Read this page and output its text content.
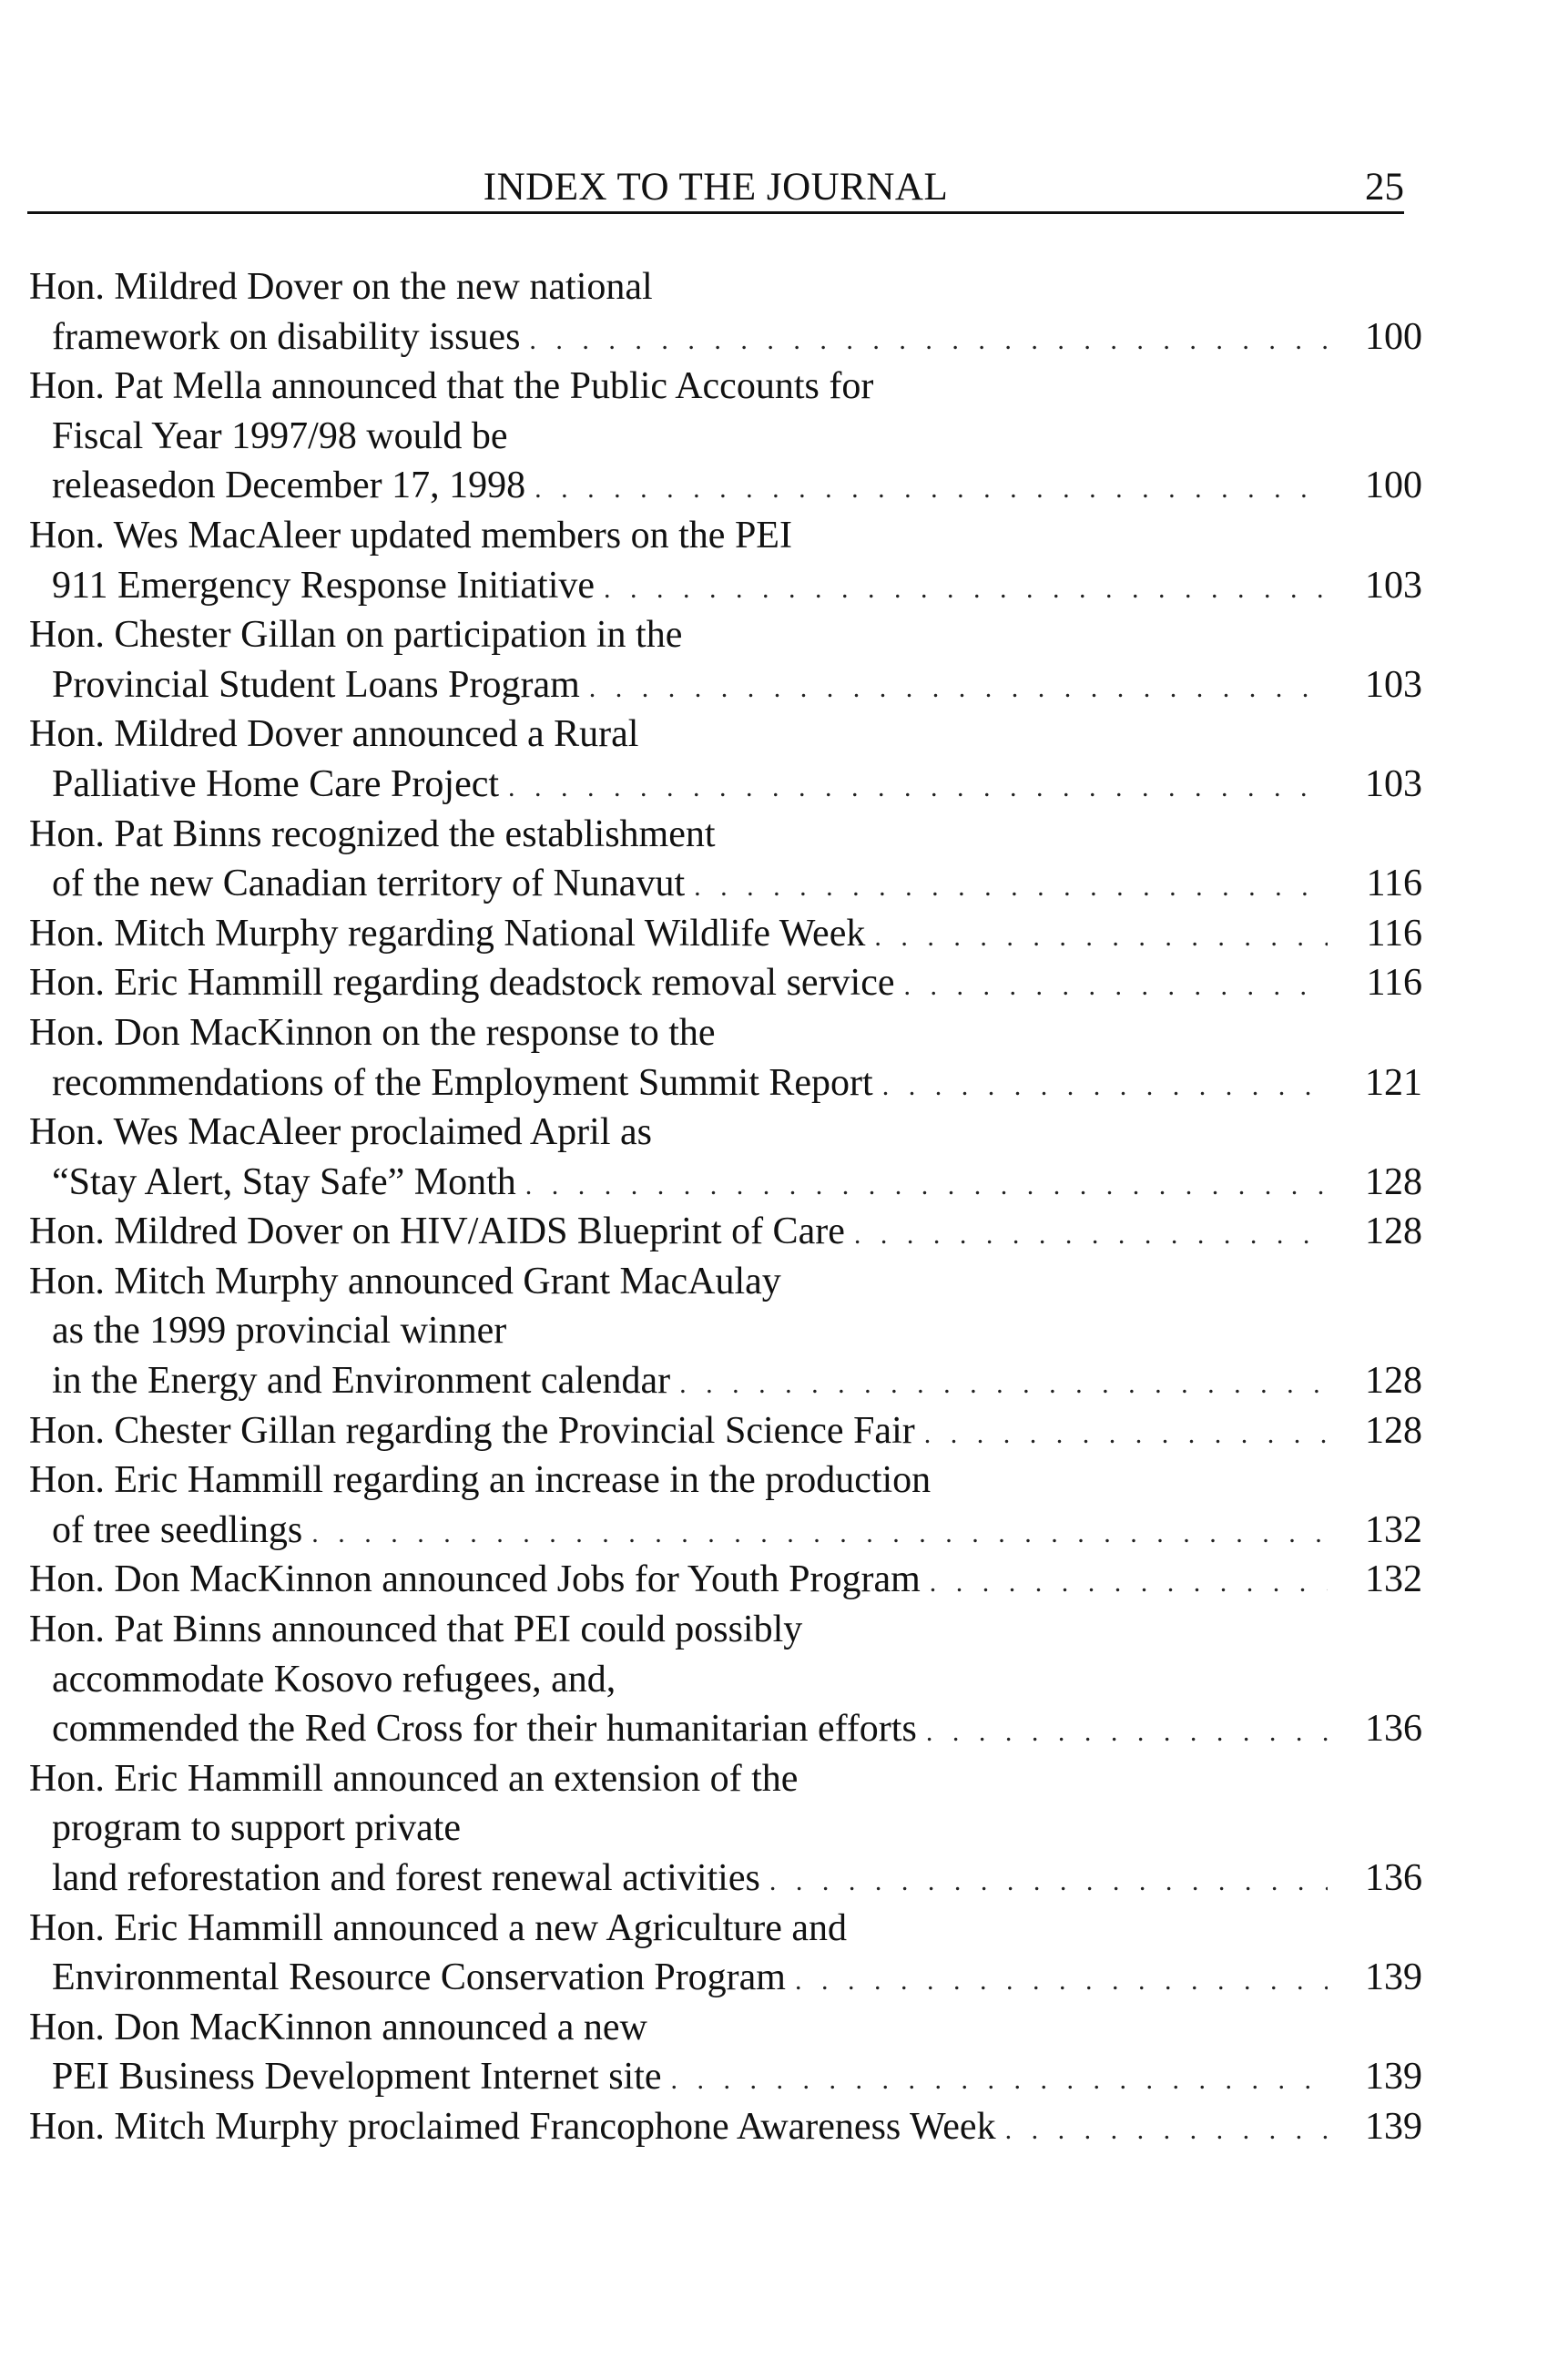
INDEX TO THE JOURNAL	25
Hon. Mildred Dover on the new national
framework on disability issues . . .	100
Hon. Pat Mella announced that the Public Accounts for
Fiscal Year 1997/98 would be
releasedon December 17, 1998 . . .	100
Hon. Wes MacAleer updated members on the PEI
911 Emergency Response Initiative . . .	103
Hon. Chester Gillan on participation in the
Provincial Student Loans Program . . .	103
Hon. Mildred Dover announced a Rural
Palliative Home Care Project . . .	103
Hon. Pat Binns recognized the establishment
of the new Canadian territory of Nunavut . . .	116
Hon. Mitch Murphy regarding National Wildlife Week . . .	116
Hon. Eric Hammill regarding deadstock removal service . . .	116
Hon. Don MacKinnon on the response to the
recommendations of the Employment Summit Report . . .	121
Hon. Wes MacAleer proclaimed April as
“Stay Alert, Stay Safe” Month . . .	128
Hon. Mildred Dover on HIV/AIDS Blueprint of Care . . .	128
Hon. Mitch Murphy announced Grant MacAulay
as the 1999 provincial winner
in the Energy and Environment calendar . . .	128
Hon. Chester Gillan regarding the Provincial Science Fair . . .	128
Hon. Eric Hammill regarding an increase in the production
of tree seedlings . . .	132
Hon. Don MacKinnon announced Jobs for Youth Program . . .	132
Hon. Pat Binns announced that PEI could possibly
accommodate Kosovo refugees, and,
commended the Red Cross for their humanitarian efforts . . .	136
Hon. Eric Hammill announced an extension of the
program to support private
land reforestation and forest renewal activities . . .	136
Hon. Eric Hammill announced a new Agriculture and
Environmental Resource Conservation Program . . .	139
Hon. Don MacKinnon announced a new
PEI Business Development Internet site . . .	139
Hon. Mitch Murphy proclaimed Francophone Awareness Week . . .	139
